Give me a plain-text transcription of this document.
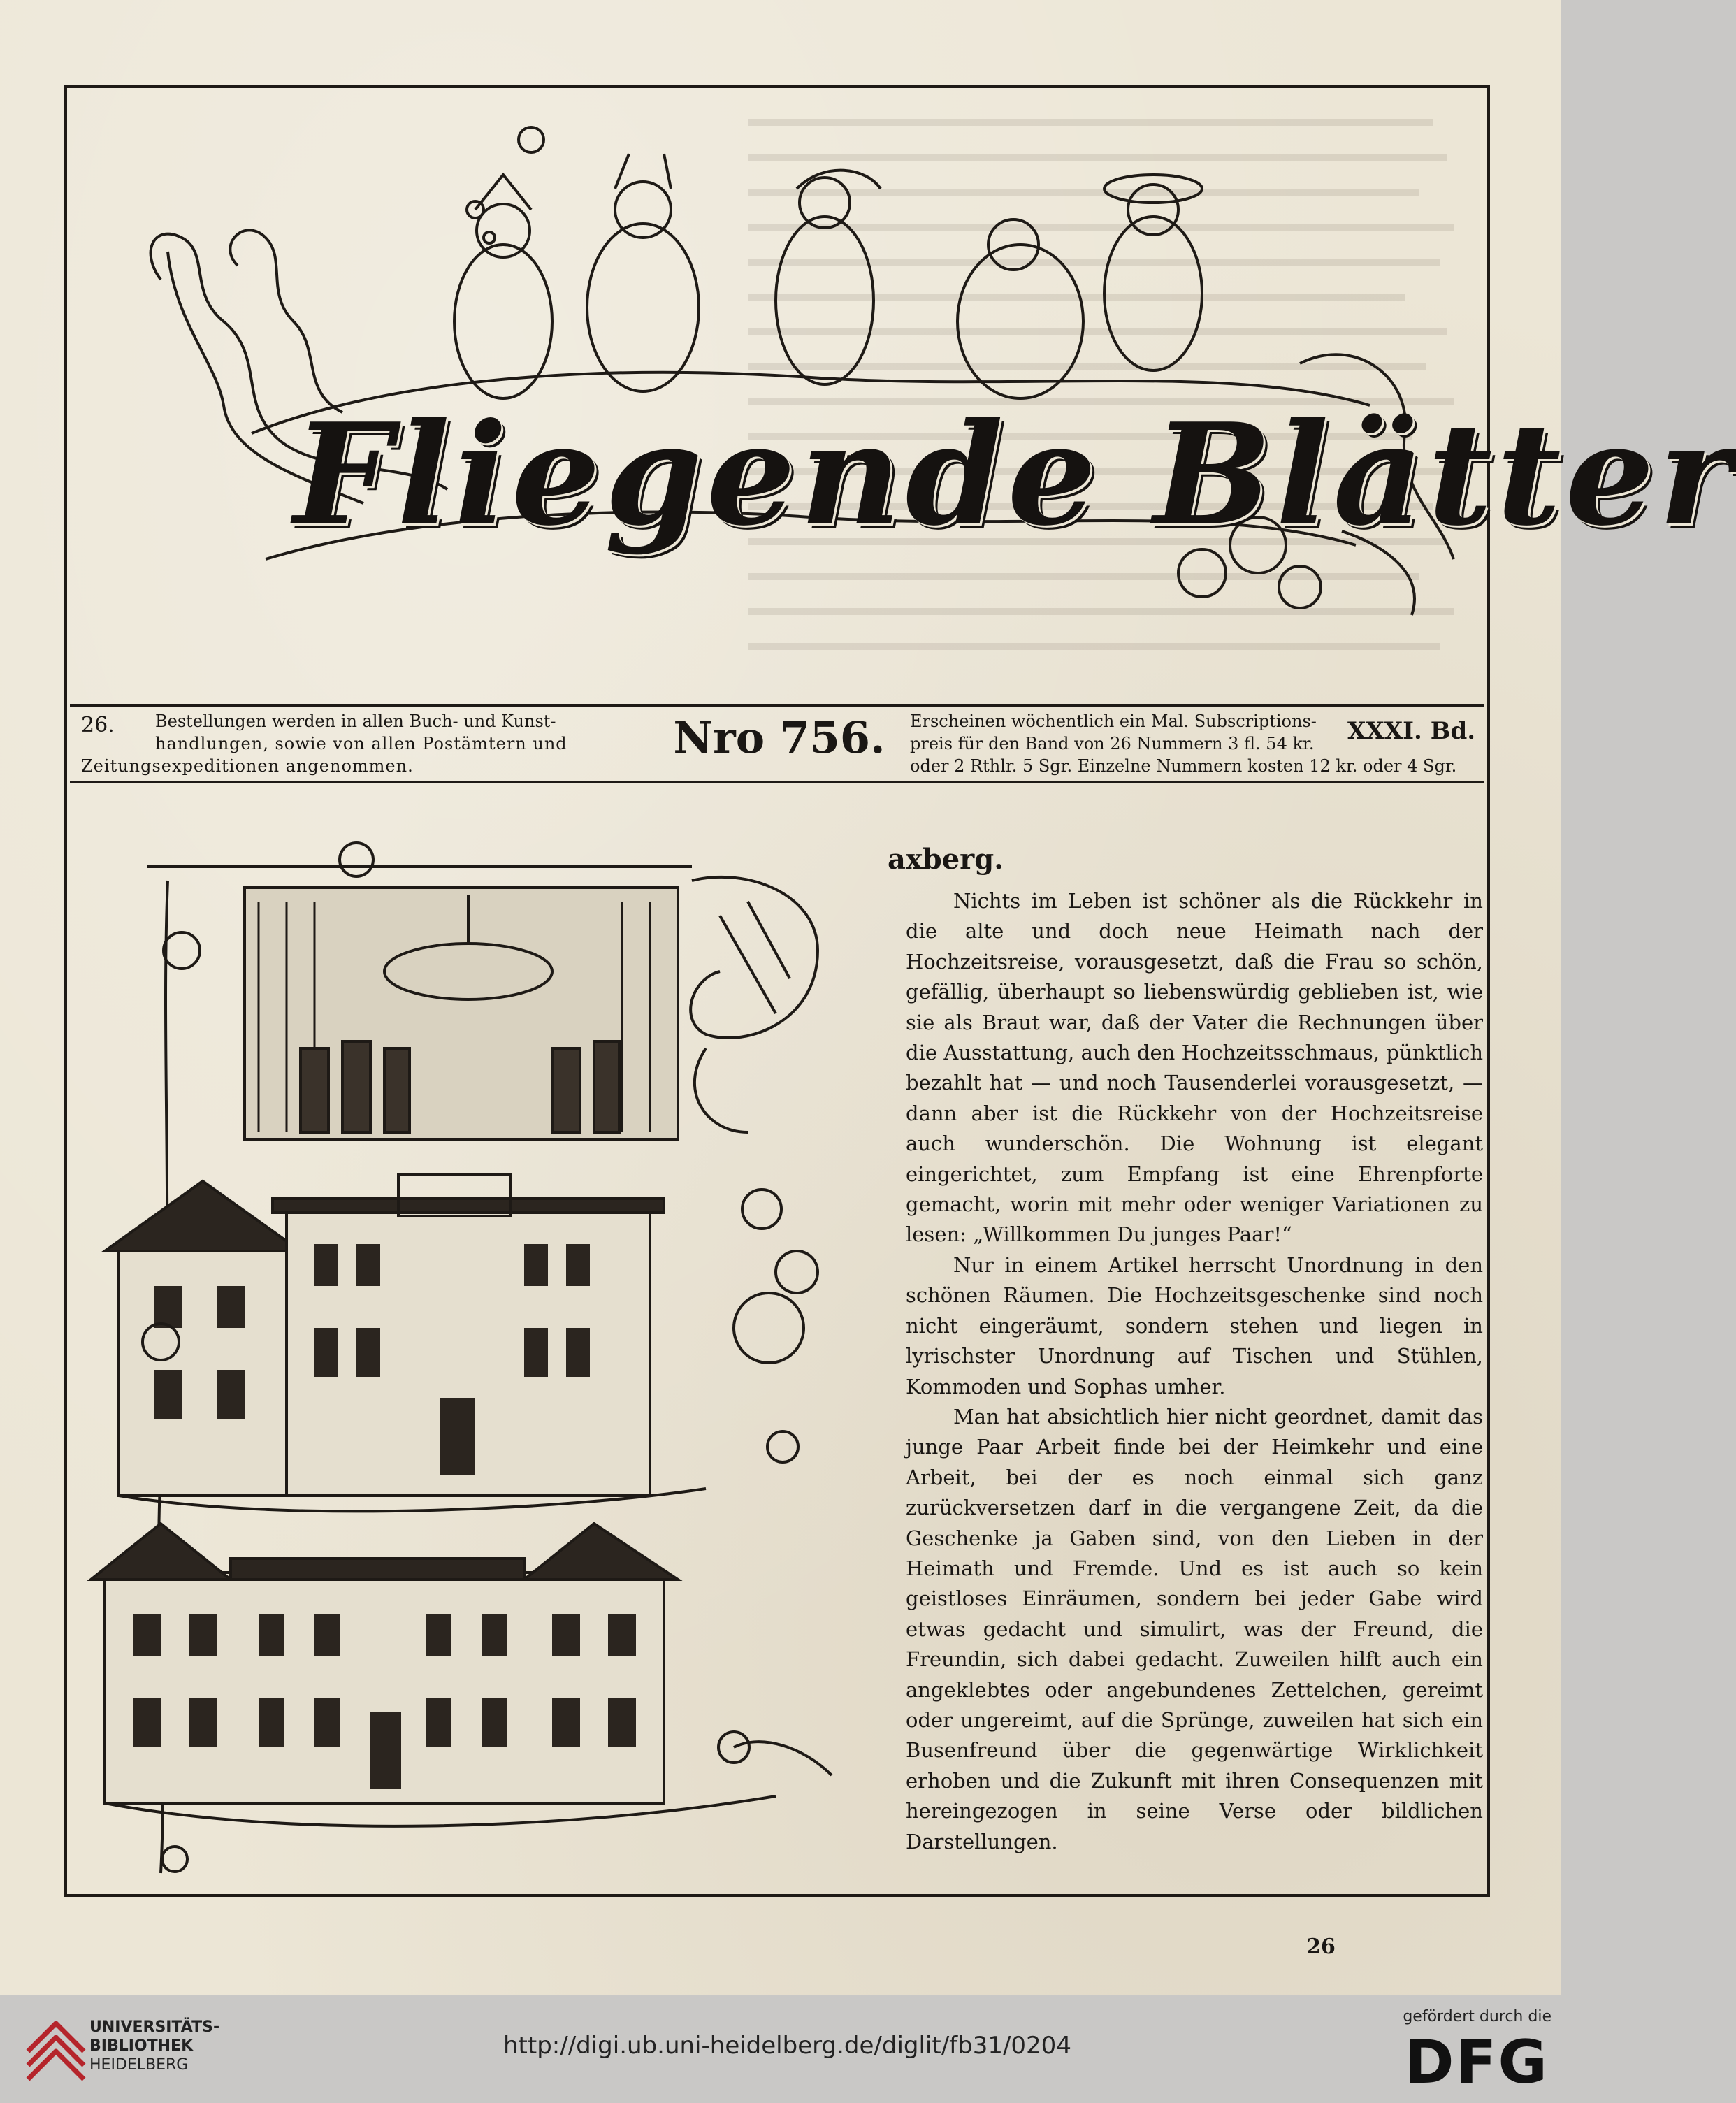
Fliegende Blätter
26.	Bestellungen werden in allen Buch- und Kunst-
handlungen, sowie von allen Postämtern und
Zeitungsexpeditionen angenommen.
Nro 756. Erscheinen wöchentlich ein Mal. Subscriptions-
preis für den Band von 26 Nummern 3 fl. 54 kr.
oder 2 Rthlr. 5 Sgr. Einzelne Nummern kosten 12 kr. oder 4 Sgr.
XXXI. Bd.
axberg.

Nichts im Leben ist schöner als die Rückkehr in die alte und doch neue Heimath nach der Hochzeitsreise, vorausgesetzt, daß die Frau so schön, gefällig, überhaupt so liebenswürdig geblieben ist, wie sie als Braut war, daß der Vater die Rechnungen über die Ausstattung, auch den Hochzeitsschmaus, pünktlich bezahlt hat — und noch Tausenderlei vorausgesetzt, — dann aber ist die Rückkehr von der Hochzeitsreise auch wunderschön. Die Wohnung ist elegant eingerichtet, zum Empfang ist eine Ehrenpforte gemacht, worin mit mehr oder weniger Variationen zu lesen: „Willkommen Du junges Paar!“

Nur in einem Artikel herrscht Unordnung in den schönen Räumen. Die Hochzeitsgeschenke sind noch nicht eingeräumt, sondern stehen und liegen in lyrischster Unordnung auf Tischen und Stühlen, Kommoden und Sophas umher.

Man hat absichtlich hier nicht geordnet, damit das junge Paar Arbeit finde bei der Heimkehr und eine Arbeit, bei der es noch einmal sich ganz zurückversetzen darf in die vergangene Zeit, da die Geschenke ja Gaben sind, von den Lieben in der Heimath und Fremde. Und es ist auch so kein geistloses Einräumen, sondern bei jeder Gabe wird etwas gedacht und simulirt, was der Freund, die Freundin, sich dabei gedacht. Zuweilen hilft auch ein angeklebtes oder angebundenes Zettelchen, gereimt oder ungereimt, auf die Sprünge, zuweilen hat sich ein Busenfreund über die gegenwärtige Wirklichkeit erhoben und die Zukunft mit ihren Consequenzen mit hereingezogen in seine Verse oder bildlichen Darstellungen.

26
UNIVERSITÄTS-
BIBLIOTHEK
HEIDELBERG
http://digi.ub.uni-heidelberg.de/diglit/fb31/0204
gefördert durch die
DFG
